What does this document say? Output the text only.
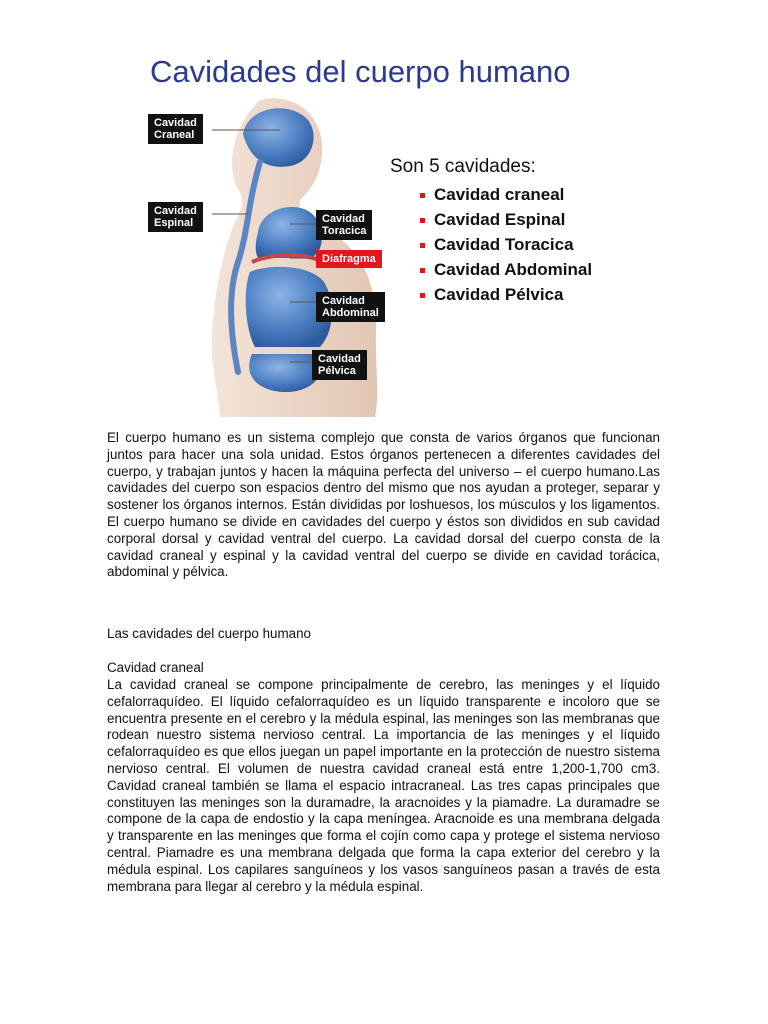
Cavidades del cuerpo humano
Cavidad
Craneal
Cavidad
Espinal	Cavidad
Toracica
Diafragma
Cavidad
Abdominal
Cavidad
Pélvica
Son 5 cavidades:
Cavidad craneal
Cavidad Espinal
Cavidad Toracica
Cavidad Abdominal
Cavidad Pélvica

El cuerpo humano es un sistema complejo que consta de varios órganos que funcionan juntos para hacer una sola unidad. Estos órganos pertenecen a diferentes cavidades del cuerpo, y trabajan juntos y hacen la máquina perfecta del universo – el cuerpo humano.Las cavidades del cuerpo son espacios dentro del mismo que nos ayudan a proteger, separar y sostener los órganos internos. Están divididas por loshuesos, los músculos y los ligamentos. El cuerpo humano se divide en cavidades del cuerpo y éstos son divididos en sub cavidad corporal dorsal y cavidad ventral del cuerpo. La cavidad dorsal del cuerpo consta de la cavidad craneal y espinal y la cavidad ventral del cuerpo se divide en cavidad torácica, abdominal y pélvica.

Las cavidades del cuerpo humano

Cavidad craneal

La cavidad craneal se compone principalmente de cerebro, las meninges y el líquido cefalorraquídeo. El líquido cefalorraquídeo es un líquido transparente e incoloro que se encuentra presente en el cerebro y la médula espinal, las meninges son las membranas que rodean nuestro sistema nervioso central. La importancia de las meninges y el líquido cefalorraquídeo es que ellos juegan un papel importante en la protección de nuestro sistema nervioso central. El volumen de nuestra cavidad craneal está entre 1,200-1,700 cm3. Cavidad craneal también se llama el espacio intracraneal. Las tres capas principales que constituyen las meninges son la duramadre, la aracnoides y la piamadre. La duramadre se compone de la capa de endostio y la capa meníngea. Aracnoide es una membrana delgada y transparente en las meninges que forma el cojín como capa y protege el sistema nervioso central. Piamadre es una membrana delgada que forma la capa exterior del cerebro y la médula espinal. Los capilares sanguíneos y los vasos sanguíneos pasan a través de esta membrana para llegar al cerebro y la médula espinal.
